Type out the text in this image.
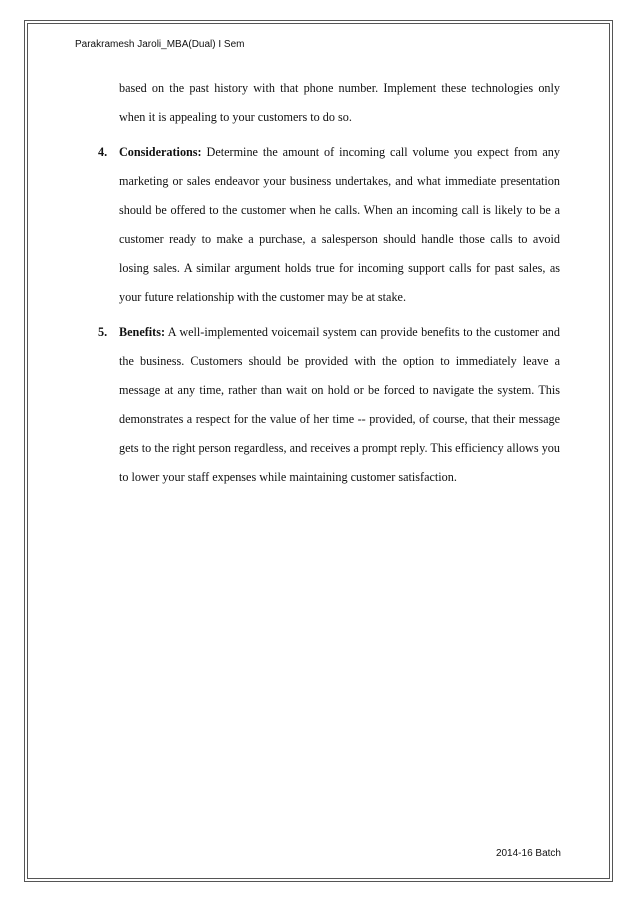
Parakramesh Jaroli_MBA(Dual) I Sem

based on the past history with that phone number. Implement these technologies only when it is appealing to your customers to do so.

4. Considerations: Determine the amount of incoming call volume you expect from any marketing or sales endeavor your business undertakes, and what immediate presentation should be offered to the customer when he calls. When an incoming call is likely to be a customer ready to make a purchase, a salesperson should handle those calls to avoid losing sales. A similar argument holds true for incoming support calls for past sales, as your future relationship with the customer may be at stake.

5. Benefits: A well-implemented voicemail system can provide benefits to the customer and the business. Customers should be provided with the option to immediately leave a message at any time, rather than wait on hold or be forced to navigate the system. This demonstrates a respect for the value of her time -- provided, of course, that their message gets to the right person regardless, and receives a prompt reply. This efficiency allows you to lower your staff expenses while maintaining customer satisfaction.

2014-16 Batch
